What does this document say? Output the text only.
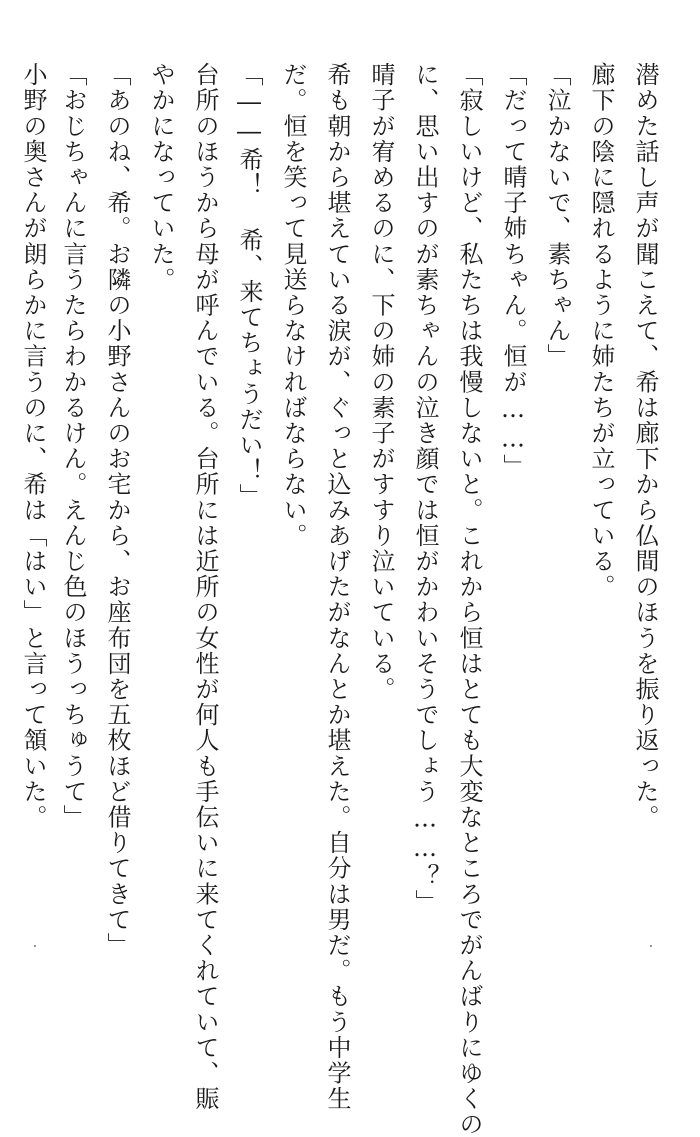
潜めた話し声が聞こえて、希は廊下から仏間のほうを振り返った。
廊下の陰に隠れるように姉たちが立っている。
「泣かないで、素ちゃん」
「だって晴子姉ちゃん。恒が……」
「寂しいけど、私たちは我慢しないと。これから恒はとても大変なところでがんばりにゆくの
に、思い出すのが素ちゃんの泣き顔では恒がかわいそうでしょう……？」
晴子が宥めるのに、下の姉の素子がすすり泣いている。
希も朝から堪えている涙が、ぐっと込みあげたがなんとか堪えた。自分は男だ。もう中学生
だ。恒を笑って見送らなければならない。
「――希！ 希、来てちょうだい！」
台所のほうから母が呼んでいる。台所には近所の女性が何人も手伝いに来てくれていて、賑
やかになっていた。
「あのね、希。お隣の小野さんのお宅から、お座布団を五枚ほど借りてきて」
「おじちゃんに言うたらわかるけん。えんじ色のほうっちゅうて」
小野の奥さんが朗らかに言うのに、希は「はい」と言って頷いた。
